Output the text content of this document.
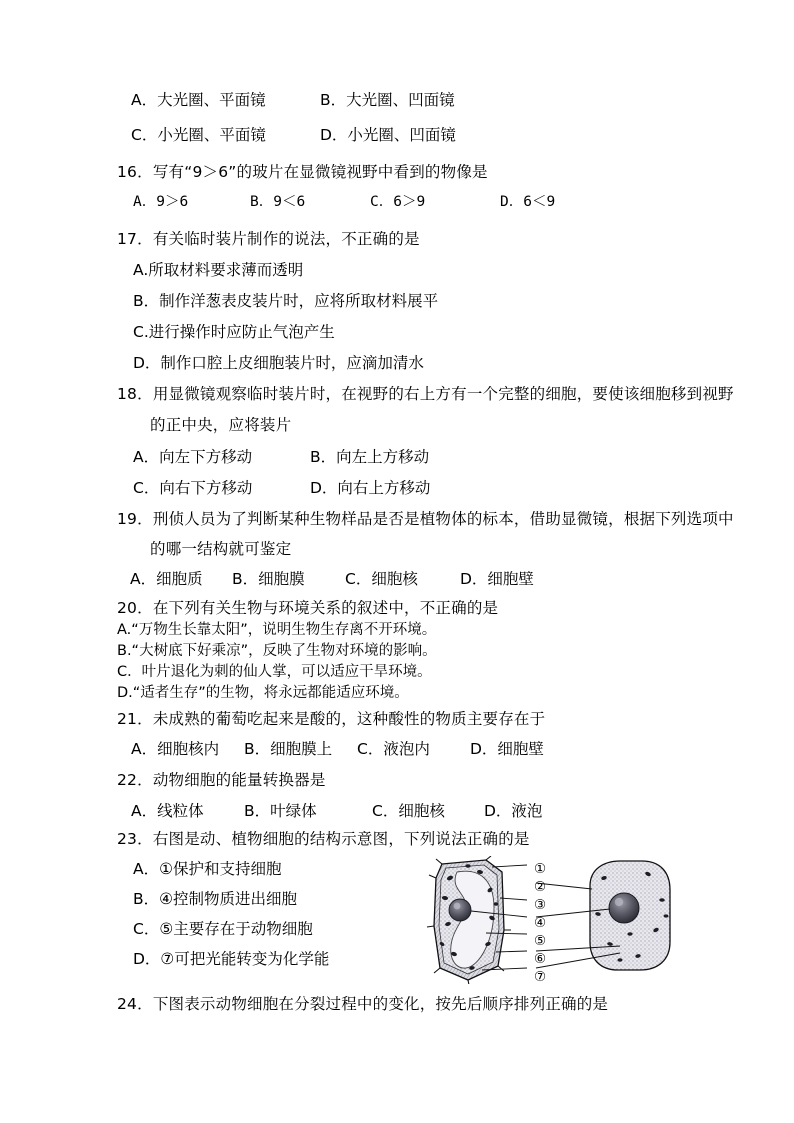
A．大光圈、平面镜	B．大光圈、凹面镜
C．小光圈、平面镜	D．小光圈、凹面镜
16．写有“9＞6”的玻片在显微镜视野中看到的物像是
A．9＞6	B．9＜6	C．6＞9	D．6＜9
17．有关临时装片制作的说法，不正确的是
A.所取材料要求薄而透明
B．制作洋葱表皮装片时，应将所取材料展平
C.进行操作时应防止气泡产生
D．制作口腔上皮细胞装片时，应滴加清水
18．用显微镜观察临时装片时，在视野的右上方有一个完整的细胞，要使该细胞移到视野
的正中央，应将装片
A．向左下方移动	B．向左上方移动
C．向右下方移动	D．向右上方移动
19．刑侦人员为了判断某种生物样品是否是植物体的标本，借助显微镜，根据下列选项中
的哪一结构就可鉴定
A．细胞质 B．细胞膜	C．细胞核	D．细胞壁
20．在下列有关生物与环境关系的叙述中，不正确的是
A.“万物生长靠太阳”，说明生物生存离不开环境。
B.“大树底下好乘凉”，反映了生物对环境的影响。
C．叶片退化为刺的仙人掌，可以适应干旱环境。
D.“适者生存”的生物，将永远都能适应环境。
21．未成熟的葡萄吃起来是酸的，这种酸性的物质主要存在于
A．细胞核内 B．细胞膜上 C．液泡内	D．细胞壁
22．动物细胞的能量转换器是
A．线粒体	B．叶绿体	C．细胞核	D．液泡
23．右图是动、植物细胞的结构示意图，下列说法正确的是
A．①保护和支持细胞
B．④控制物质进出细胞
C．⑤主要存在于动物细胞
D．⑦可把光能转变为化学能
①
②
③
④
⑤
⑥
⑦
24．下图表示动物细胞在分裂过程中的变化，按先后顺序排列正确的是
